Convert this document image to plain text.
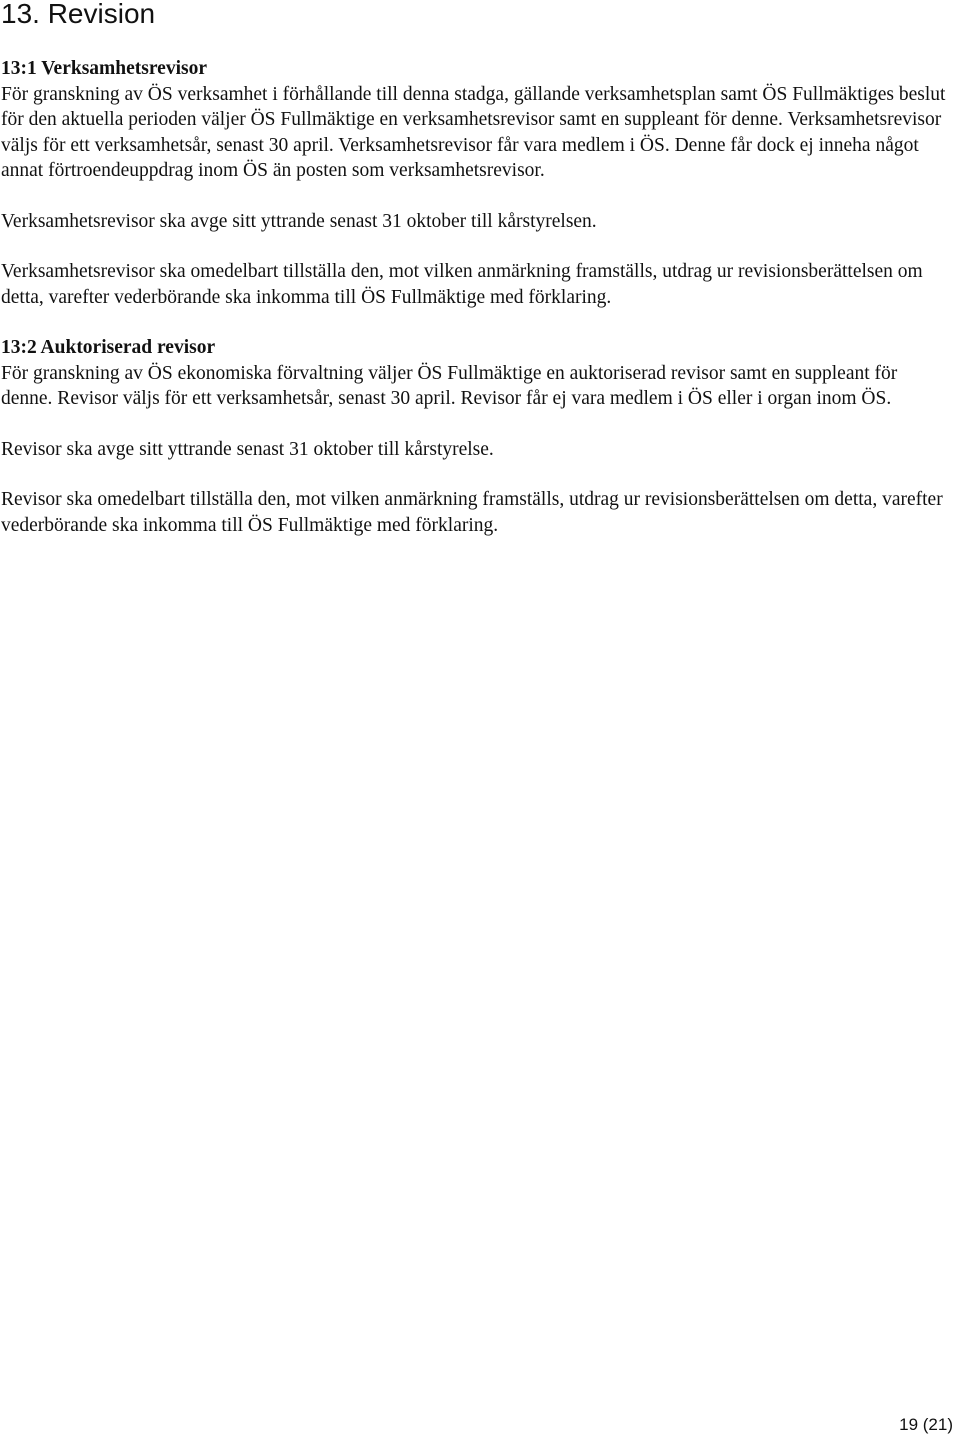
13. Revision
13:1 Verksamhetsrevisor

För granskning av ÖS verksamhet i förhållande till denna stadga, gällande verksamhetsplan samt ÖS Fullmäktiges beslut för den aktuella perioden väljer ÖS Fullmäktige en verksamhetsrevisor samt en suppleant för denne. Verksamhetsrevisor väljs för ett verksamhetsår, senast 30 april. Verksamhetsrevisor får vara medlem i ÖS. Denne får dock ej inneha något annat förtroendeuppdrag inom ÖS än posten som verksamhetsrevisor.

Verksamhetsrevisor ska avge sitt yttrande senast 31 oktober till kårstyrelsen.

Verksamhetsrevisor ska omedelbart tillställa den, mot vilken anmärkning framställs, utdrag ur revisionsberättelsen om detta, varefter vederbörande ska inkomma till ÖS Fullmäktige med förklaring.

13:2 Auktoriserad revisor

För granskning av ÖS ekonomiska förvaltning väljer ÖS Fullmäktige en auktoriserad revisor samt en suppleant för denne. Revisor väljs för ett verksamhetsår, senast 30 april. Revisor får ej vara medlem i ÖS eller i organ inom ÖS.

Revisor ska avge sitt yttrande senast 31 oktober till kårstyrelse.

Revisor ska omedelbart tillställa den, mot vilken anmärkning framställs, utdrag ur revisionsberättelsen om detta, varefter vederbörande ska inkomma till ÖS Fullmäktige med förklaring.

19 (21)
